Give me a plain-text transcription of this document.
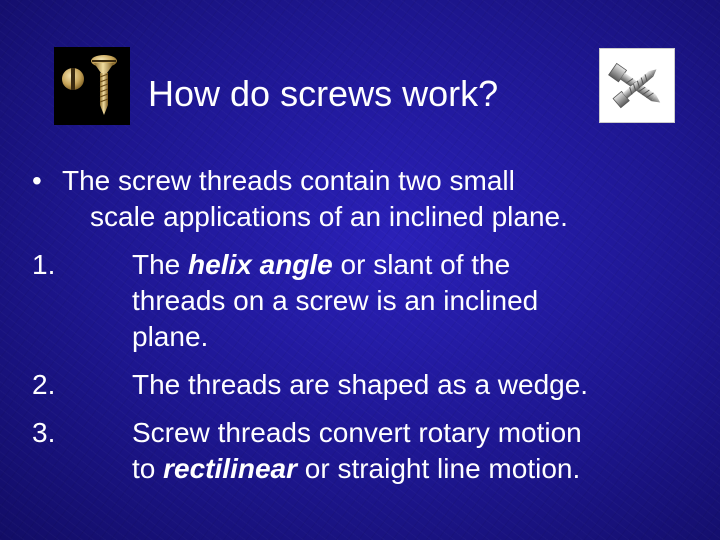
How do screws work?
• The screw threads contain two small
scale applications of an inclined plane.
1.	The helix angle or slant of the
threads on a screw is an inclined
plane.
2.	The threads are shaped as a wedge.
3.	Screw threads convert rotary motion
to rectilinear or straight line motion.
